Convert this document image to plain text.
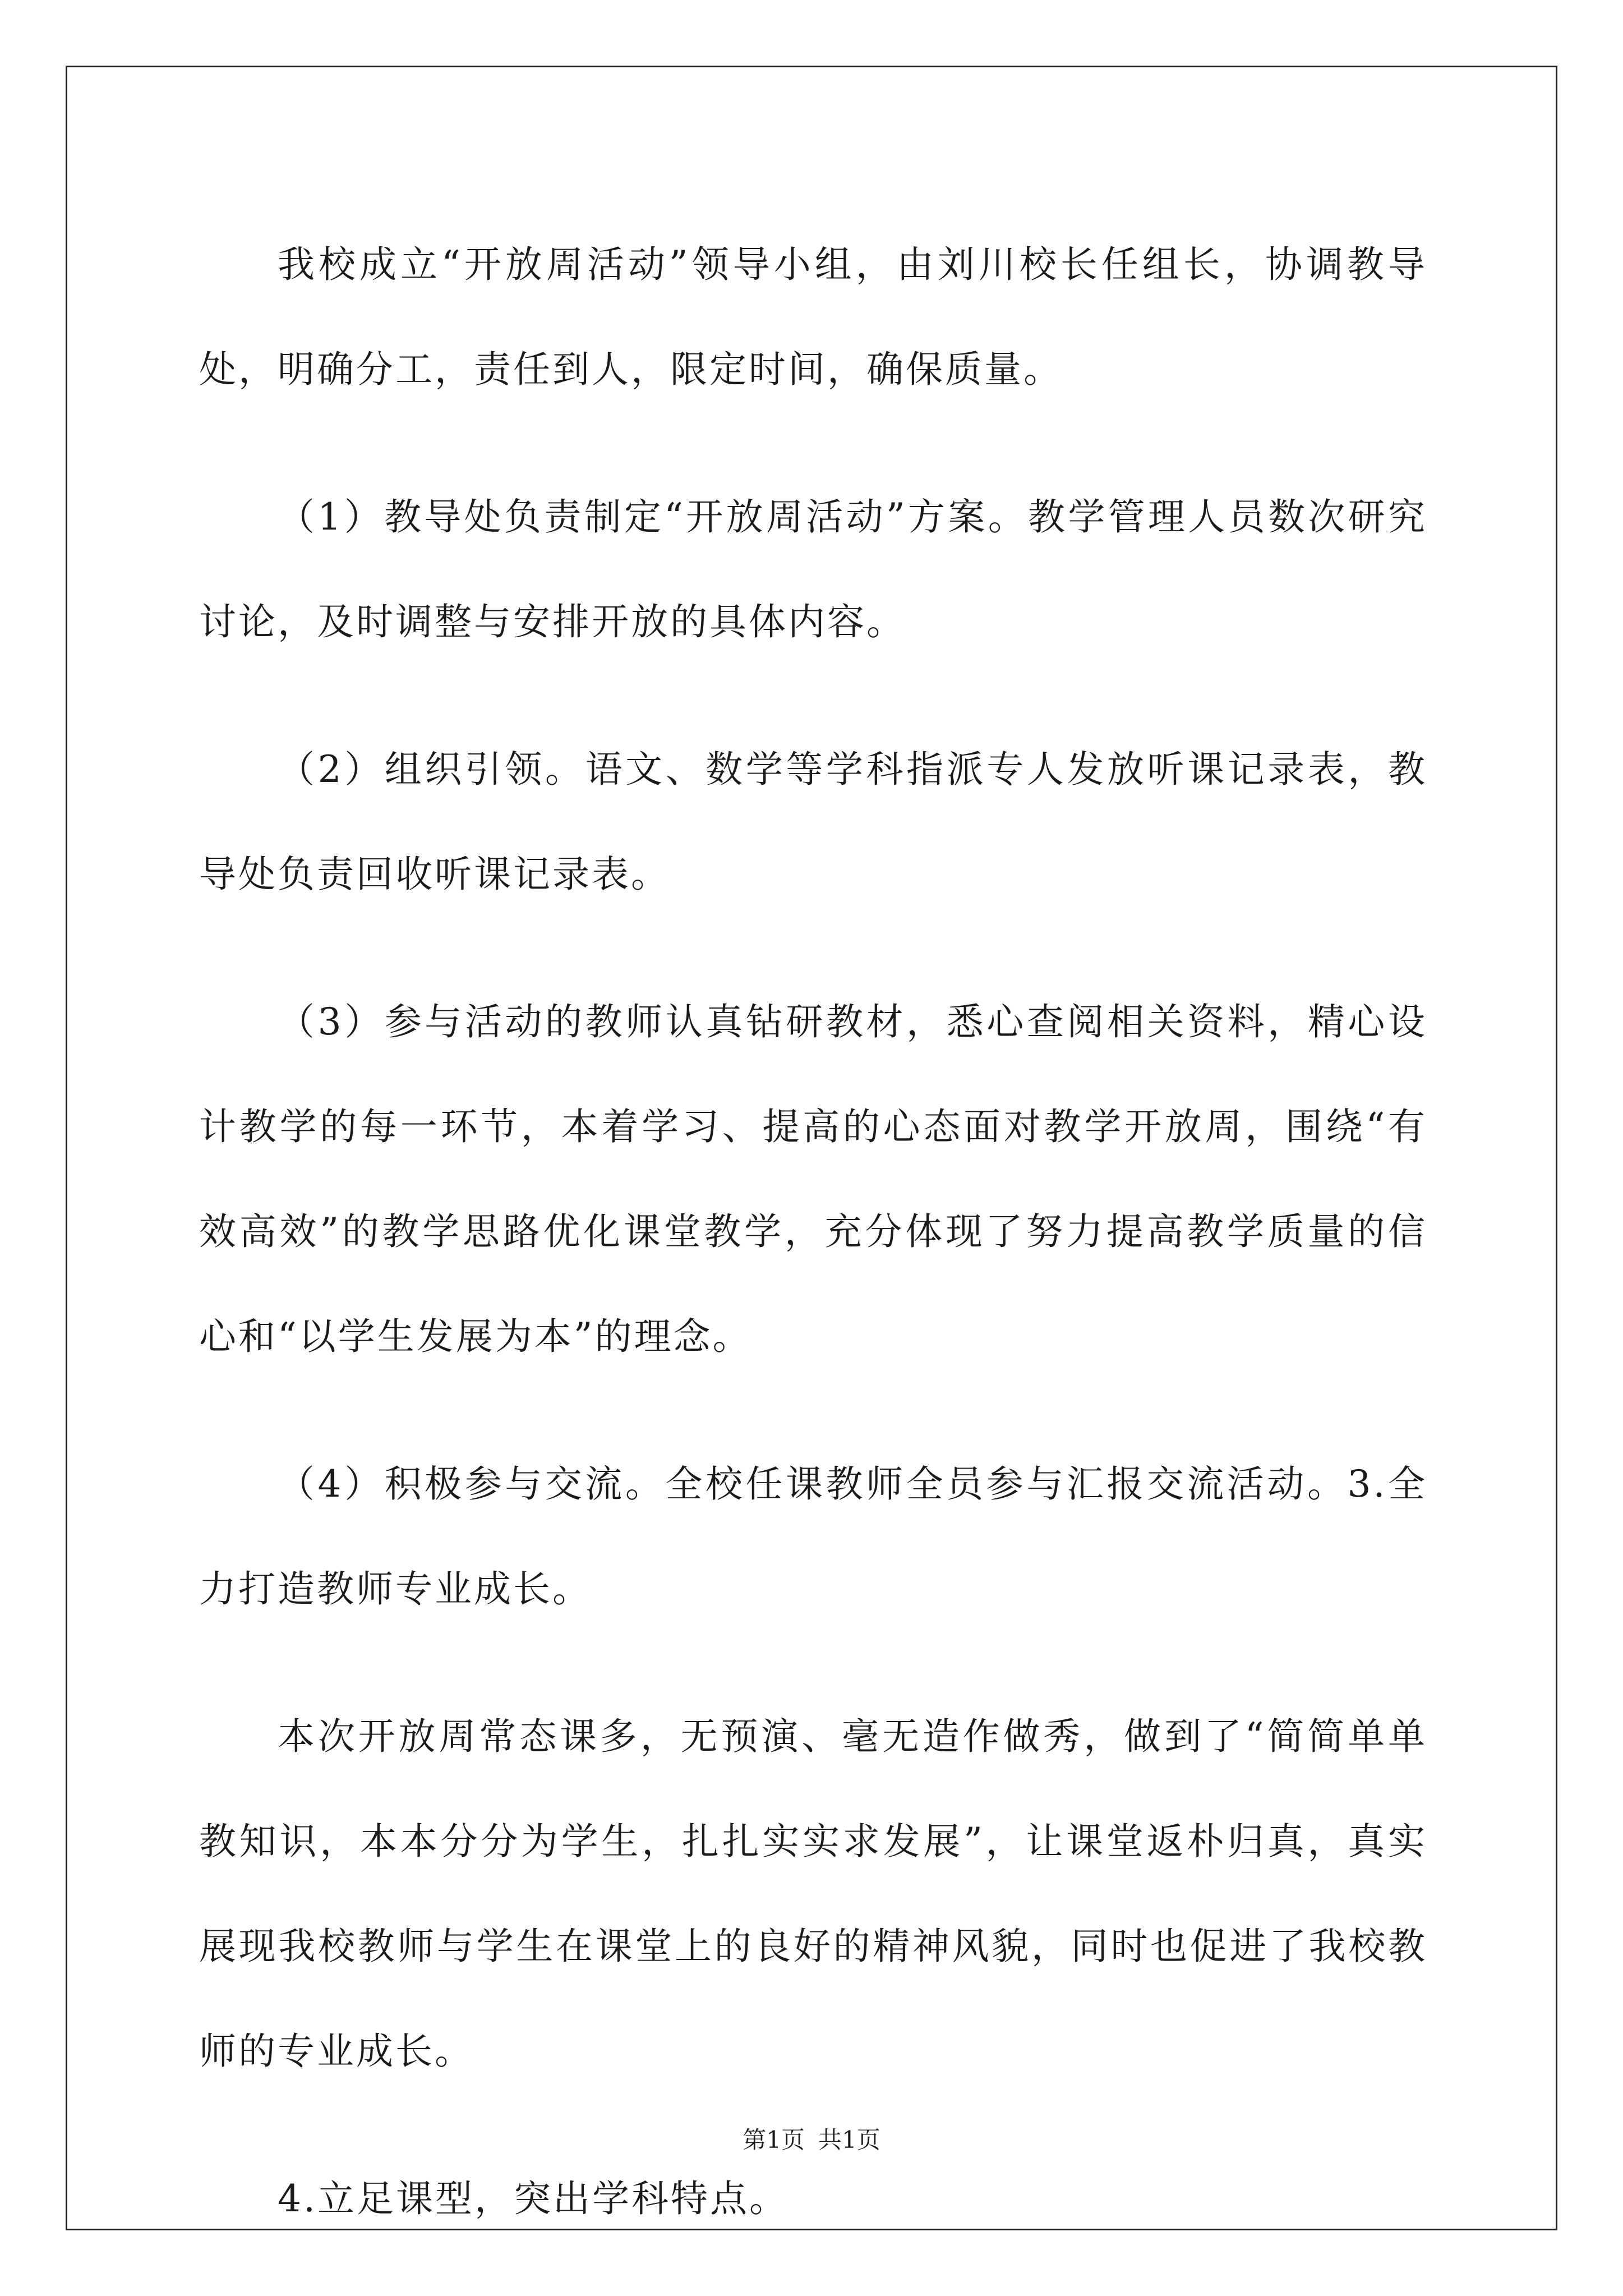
我校成立“开放周活动”领导小组，由刘川校长任组长，协调教导处，明确分工，责任到人，限定时间，确保质量。

（1）教导处负责制定“开放周活动”方案。教学管理人员数次研究讨论，及时调整与安排开放的具体内容。

（2）组织引领。语文、数学等学科指派专人发放听课记录表，教导处负责回收听课记录表。

（3）参与活动的教师认真钻研教材，悉心查阅相关资料，精心设计教学的每一环节，本着学习、提高的心态面对教学开放周，围绕“有效高效”的教学思路优化课堂教学，充分体现了努力提高教学质量的信心和“以学生发展为本”的理念。

（4）积极参与交流。全校任课教师全员参与汇报交流活动。3.全力打造教师专业成长。

本次开放周常态课多，无预演、毫无造作做秀，做到了“简简单单教知识，本本分分为学生，扎扎实实求发展”，让课堂返朴归真，真实展现我校教师与学生在课堂上的良好的精神风貌，同时也促进了我校教师的专业成长。

4.立足课型，突出学科特点。

第1页 共1页
